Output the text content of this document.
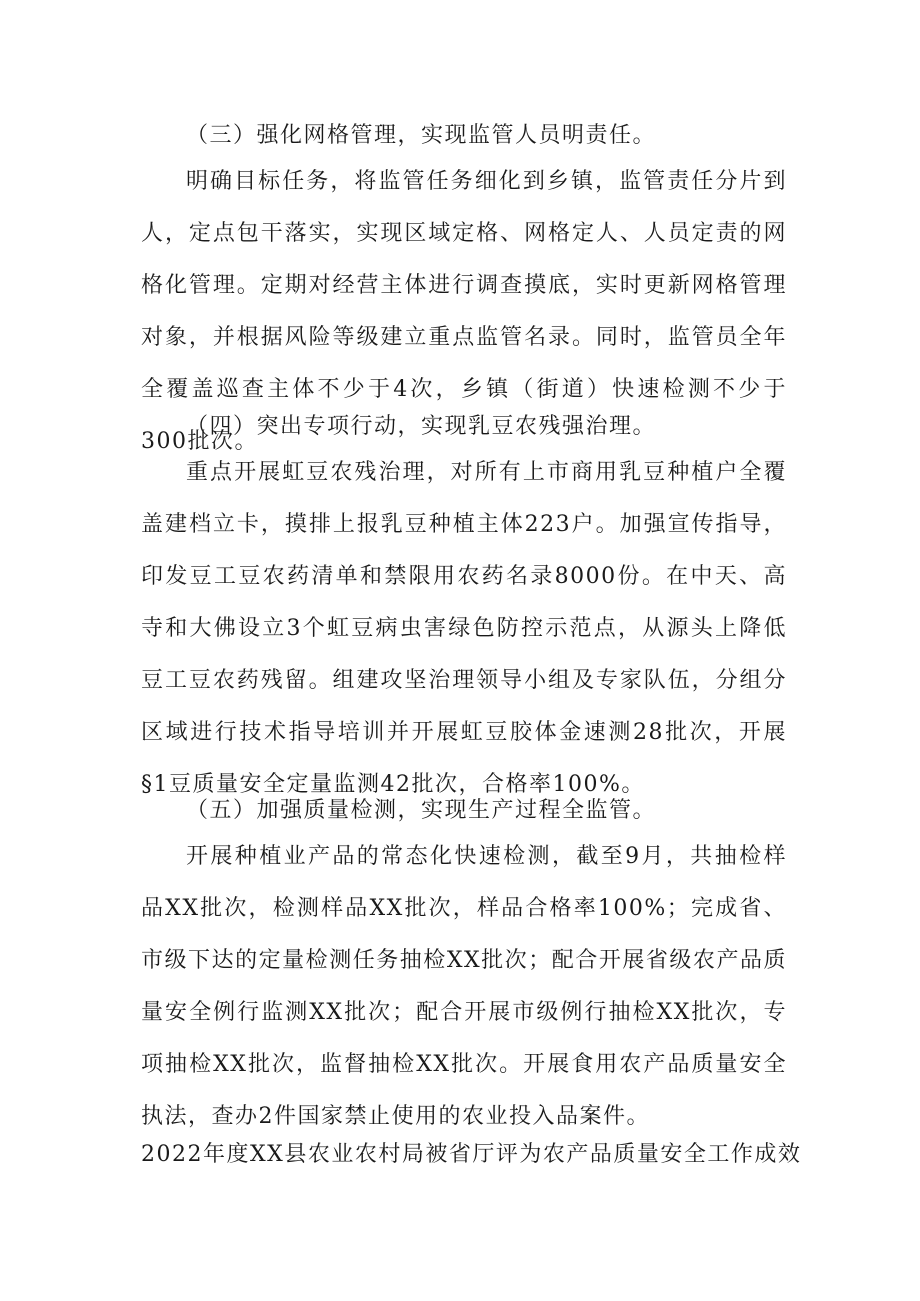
（三）强化网格管理，实现监管人员明责任。

明确目标任务，将监管任务细化到乡镇，监管责任分片到人，定点包干落实，实现区域定格、网格定人、人员定责的网格化管理。定期对经营主体进行调查摸底，实时更新网格管理对象，并根据风险等级建立重点监管名录。同时，监管员全年全覆盖巡查主体不少于4次，乡镇（街道）快速检测不少于300批次。

（四）突出专项行动，实现乳豆农残强治理。

重点开展虹豆农残治理，对所有上市商用乳豆种植户全覆盖建档立卡，摸排上报乳豆种植主体223户。加强宣传指导，印发豆工豆农药清单和禁限用农药名录8000份。在中天、高寺和大佛设立3个虹豆病虫害绿色防控示范点，从源头上降低豆工豆农药残留。组建攻坚治理领导小组及专家队伍，分组分区域进行技术指导培训并开展虹豆胶体金速测28批次，开展§1豆质量安全定量监测42批次，合格率100%。

（五）加强质量检测，实现生产过程全监管。

开展种植业产品的常态化快速检测，截至9月，共抽检样品XX批次，检测样品XX批次，样品合格率100%；完成省、市级下达的定量检测任务抽检XX批次；配合开展省级农产品质量安全例行监测XX批次；配合开展市级例行抽检XX批次，专项抽检XX批次，监督抽检XX批次。开展食用农产品质量安全执法，查办2件国家禁止使用的农业投入品案件。

2022年度XX县农业农村局被省厅评为农产品质量安全工作成效
